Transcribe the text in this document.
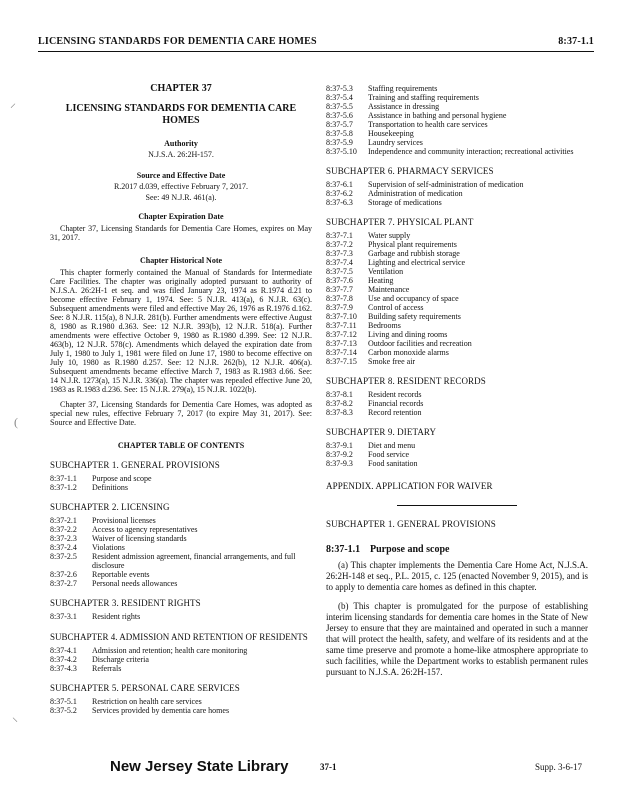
LICENSING STANDARDS FOR DEMENTIA CARE HOMES	8:37-1.1
CHAPTER 37
LICENSING STANDARDS FOR DEMENTIA CARE HOMES
Authority
N.J.S.A. 26:2H-157.
Source and Effective Date
R.2017 d.039, effective February 7, 2017.
See: 49 N.J.R. 461(a).
Chapter Expiration Date

Chapter 37, Licensing Standards for Dementia Care Homes, expires on May 31, 2017.

Chapter Historical Note

This chapter formerly contained the Manual of Standards for Intermediate Care Facilities. The chapter was originally adopted pursuant to authority of N.J.S.A. 26:2H-1 et seq. and was filed January 23, 1974 as R.1974 d.21 to become effective February 1, 1974. See: 5 N.J.R. 413(a), 6 N.J.R. 63(c). Subsequent amendments were filed and effective May 26, 1976 as R.1976 d.162. See: 8 N.J.R. 115(a), 8 N.J.R. 281(b). Further amendments were effective August 8, 1980 as R.1980 d.363. See: 12 N.J.R. 393(b), 12 N.J.R. 518(a). Further amendments were effective October 9, 1980 as R.1980 d.399. See: 12 N.J.R. 463(b), 12 N.J.R. 578(c). Amendments which delayed the expiration date from July 1, 1980 to July 1, 1981 were filed on June 17, 1980 to become effective on July 10, 1980 as R.1980 d.257. See: 12 N.J.R. 262(b), 12 N.J.R. 406(a). Subsequent amendments became effective March 7, 1983 as R.1983 d.66. See: 14 N.J.R. 1273(a), 15 N.J.R. 336(a). The chapter was repealed effective June 20, 1983 as R.1983 d.236. See: 15 N.J.R. 279(a), 15 N.J.R. 1022(b).

Chapter 37, Licensing Standards for Dementia Care Homes, was adopted as special new rules, effective February 7, 2017 (to expire May 31, 2017). See: Source and Effective Date.

CHAPTER TABLE OF CONTENTS
SUBCHAPTER 1. GENERAL PROVISIONS
8:37-1.1	Purpose and scope
8:37-1.2	Definitions
SUBCHAPTER 2. LICENSING
8:37-2.1	Provisional licenses
8:37-2.2	Access to agency representatives
8:37-2.3	Waiver of licensing standards
8:37-2.4	Violations
8:37-2.5	Resident admission agreement, financial arrangements, and full disclosure
8:37-2.6	Reportable events
8:37-2.7	Personal needs allowances
SUBCHAPTER 3. RESIDENT RIGHTS
8:37-3.1	Resident rights
SUBCHAPTER 4. ADMISSION AND RETENTION OF RESIDENTS
8:37-4.1	Admission and retention; health care monitoring
8:37-4.2	Discharge criteria
8:37-4.3	Referrals
SUBCHAPTER 5. PERSONAL CARE SERVICES
8:37-5.1	Restriction on health care services
8:37-5.2	Services provided by dementia care homes
8:37-5.3	Staffing requirements
8:37-5.4	Training and staffing requirements
8:37-5.5	Assistance in dressing
8:37-5.6	Assistance in bathing and personal hygiene
8:37-5.7	Transportation to health care services
8:37-5.8	Housekeeping
8:37-5.9	Laundry services
8:37-5.10	Independence and community interaction; recreational activities
SUBCHAPTER 6. PHARMACY SERVICES
8:37-6.1	Supervision of self-administration of medication
8:37-6.2	Administration of medication
8:37-6.3	Storage of medications
SUBCHAPTER 7. PHYSICAL PLANT
8:37-7.1	Water supply
8:37-7.2	Physical plant requirements
8:37-7.3	Garbage and rubbish storage
8:37-7.4	Lighting and electrical service
8:37-7.5	Ventilation
8:37-7.6	Heating
8:37-7.7	Maintenance
8:37-7.8	Use and occupancy of space
8:37-7.9	Control of access
8:37-7.10	Building safety requirements
8:37-7.11	Bedrooms
8:37-7.12	Living and dining rooms
8:37-7.13	Outdoor facilities and recreation
8:37-7.14	Carbon monoxide alarms
8:37-7.15	Smoke free air
SUBCHAPTER 8. RESIDENT RECORDS
8:37-8.1	Resident records
8:37-8.2	Financial records
8:37-8.3	Record retention
SUBCHAPTER 9. DIETARY
8:37-9.1	Diet and menu
8:37-9.2	Food service
8:37-9.3	Food sanitation
APPENDIX. APPLICATION FOR WAIVER
SUBCHAPTER 1. GENERAL PROVISIONS
8:37-1.1 Purpose and scope

(a) This chapter implements the Dementia Care Home Act, N.J.S.A. 26:2H-148 et seq., P.L. 2015, c. 125 (enacted November 9, 2015), and is to apply to dementia care homes as defined in this chapter.

(b) This chapter is promulgated for the purpose of establishing interim licensing standards for dementia care homes in the State of New Jersey to ensure that they are maintained and operated in such a manner that will protect the health, safety, and welfare of its residents and at the same time preserve and promote a home-like atmosphere appropriate to such facilities, while the Department works to establish permanent rules pursuant to N.J.S.A. 26:2H-157.

New Jersey State Library	37-1	Supp. 3-6-17
⸝
(
⸜
